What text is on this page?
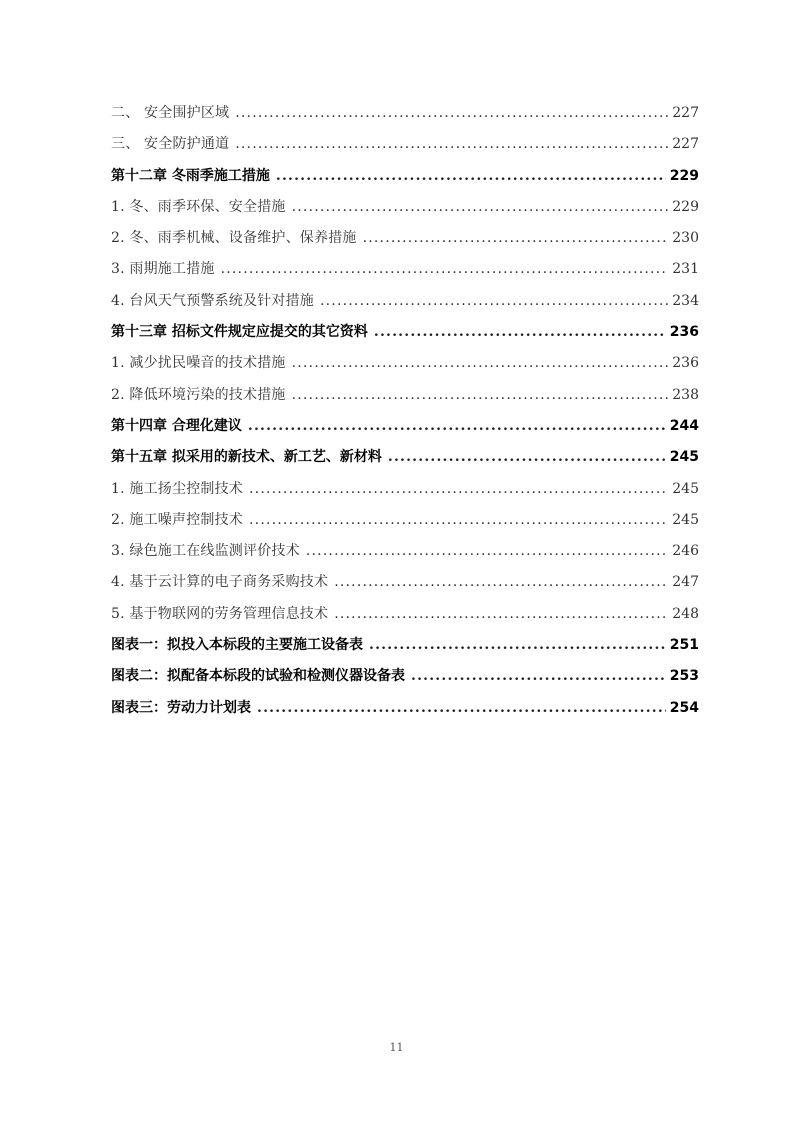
二、 安全围护区域 .....	227
三、 安全防护通道 .....	227
第十二章 冬雨季施工措施 .....	229
1. 冬、雨季环保、安全措施 .....	229
2. 冬、雨季机械、设备维护、保养措施 .....	230
3. 雨期施工措施 .....	231
4. 台风天气预警系统及针对措施 .....	234
第十三章 招标文件规定应提交的其它资料 .....	236
1. 减少扰民噪音的技术措施 .....	236
2. 降低环境污染的技术措施 .....	238
第十四章 合理化建议 .....	244
第十五章 拟采用的新技术、新工艺、新材料 .....	245
1. 施工扬尘控制技术 .....	245
2. 施工噪声控制技术 .....	245
3. 绿色施工在线监测评价技术 .....	246
4. 基于云计算的电子商务采购技术 .....	247
5. 基于物联网的劳务管理信息技术 .....	248
图表一：拟投入本标段的主要施工设备表 .....	251
图表二：拟配备本标段的试验和检测仪器设备表 .....	253
图表三：劳动力计划表 .....	254
11
